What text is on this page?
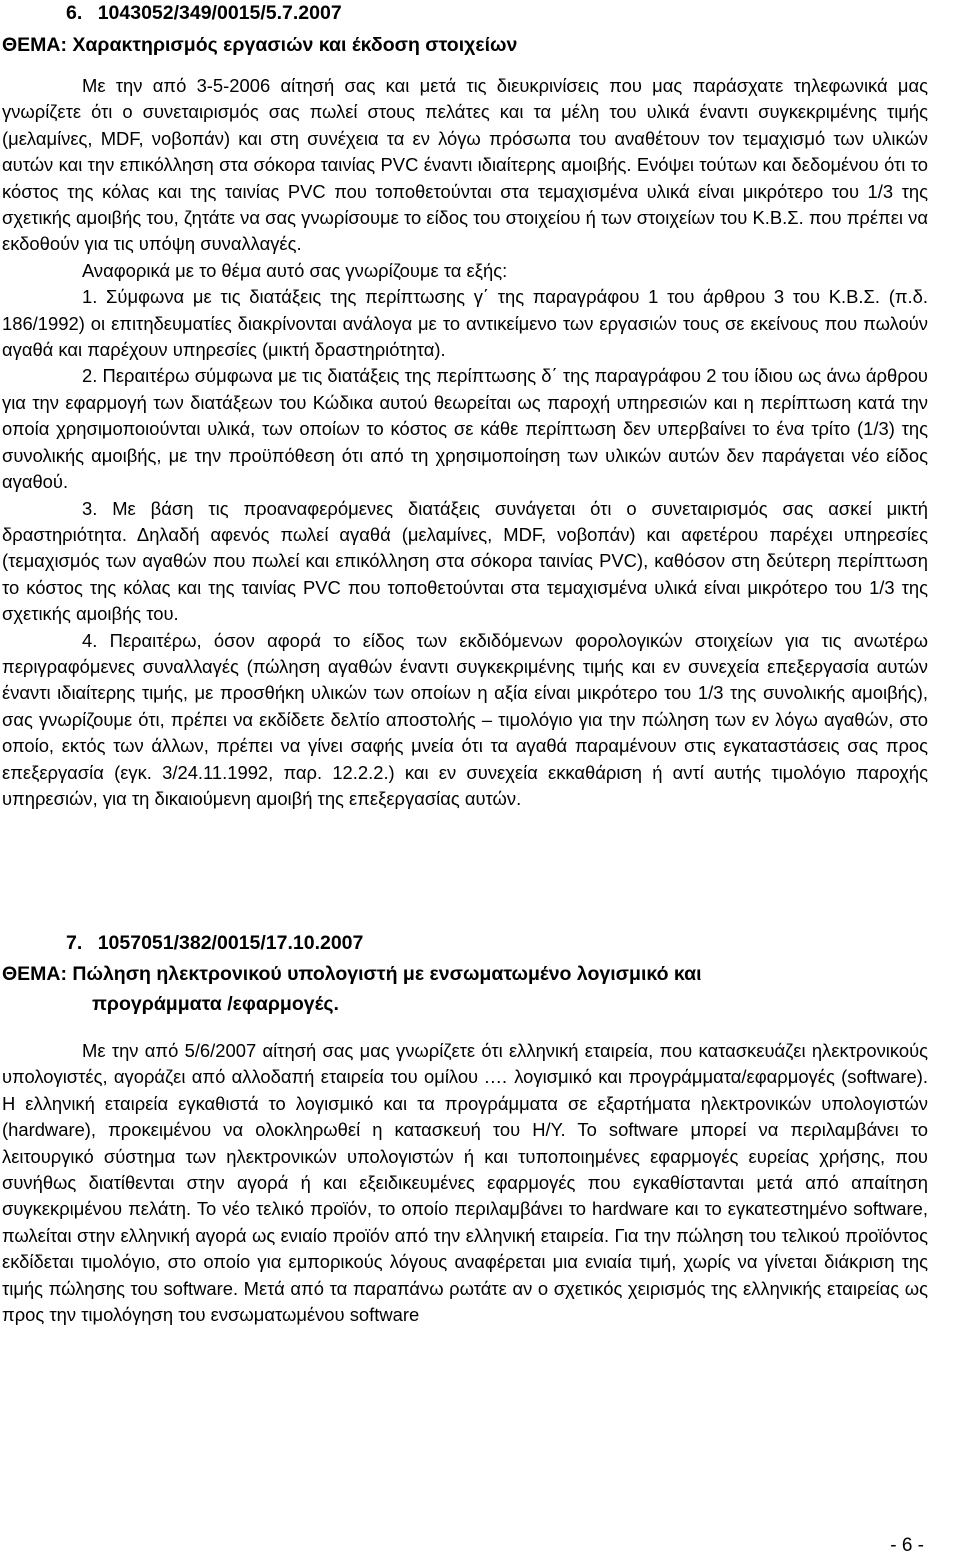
6. 1043052/349/0015/5.7.2007
ΘΕΜΑ: Χαρακτηρισμός εργασιών και έκδοση στοιχείων

Με την από 3-5-2006 αίτησή σας και μετά τις διευκρινίσεις που μας παράσχατε τηλεφωνικά μας γνωρίζετε ότι ο συνεταιρισμός σας πωλεί στους πελάτες και τα μέλη του υλικά έναντι συγκεκριμένης τιμής (μελαμίνες, MDF, νοβοπάν) και στη συνέχεια τα εν λόγω πρόσωπα του αναθέτουν τον τεμαχισμό των υλικών αυτών και την επικόλληση στα σόκορα ταινίας PVC έναντι ιδιαίτερης αμοιβής. Ενόψει τούτων και δεδομένου ότι το κόστος της κόλας και της ταινίας PVC που τοποθετούνται στα τεμαχισμένα υλικά είναι μικρότερο του 1/3 της σχετικής αμοιβής του, ζητάτε να σας γνωρίσουμε το είδος του στοιχείου ή των στοιχείων του Κ.Β.Σ. που πρέπει να εκδοθούν για τις υπόψη συναλλαγές.

Αναφορικά με το θέμα αυτό σας γνωρίζουμε τα εξής:

1. Σύμφωνα με τις διατάξεις της περίπτωσης γ΄ της παραγράφου 1 του άρθρου 3 του Κ.Β.Σ. (π.δ. 186/1992) οι επιτηδευματίες διακρίνονται ανάλογα με το αντικείμενο των εργασιών τους σε εκείνους που πωλούν αγαθά και παρέχουν υπηρεσίες (μικτή δραστηριότητα).

2. Περαιτέρω σύμφωνα με τις διατάξεις της περίπτωσης δ΄ της παραγράφου 2 του ίδιου ως άνω άρθρου για την εφαρμογή των διατάξεων του Κώδικα αυτού θεωρείται ως παροχή υπηρεσιών και η περίπτωση κατά την οποία χρησιμοποιούνται υλικά, των οποίων το κόστος σε κάθε περίπτωση δεν υπερβαίνει το ένα τρίτο (1/3) της συνολικής αμοιβής, με την προϋπόθεση ότι από τη χρησιμοποίηση των υλικών αυτών δεν παράγεται νέο είδος αγαθού.

3. Με βάση τις προαναφερόμενες διατάξεις συνάγεται ότι ο συνεταιρισμός σας ασκεί μικτή δραστηριότητα. Δηλαδή αφενός πωλεί αγαθά (μελαμίνες, MDF, νοβοπάν) και αφετέρου παρέχει υπηρεσίες (τεμαχισμός των αγαθών που πωλεί και επικόλληση στα σόκορα ταινίας PVC), καθόσον στη δεύτερη περίπτωση το κόστος της κόλας και της ταινίας PVC που τοποθετούνται στα τεμαχισμένα υλικά είναι μικρότερο του 1/3 της σχετικής αμοιβής του.

4. Περαιτέρω, όσον αφορά το είδος των εκδιδόμενων φορολογικών στοιχείων για τις ανωτέρω περιγραφόμενες συναλλαγές (πώληση αγαθών έναντι συγκεκριμένης τιμής και εν συνεχεία επεξεργασία αυτών έναντι ιδιαίτερης τιμής, με προσθήκη υλικών των οποίων η αξία είναι μικρότερο του 1/3 της συνολικής αμοιβής), σας γνωρίζουμε ότι, πρέπει να εκδίδετε δελτίο αποστολής – τιμολόγιο για την πώληση των εν λόγω αγαθών, στο οποίο, εκτός των άλλων, πρέπει να γίνει σαφής μνεία ότι τα αγαθά παραμένουν στις εγκαταστάσεις σας προς επεξεργασία (εγκ. 3/24.11.1992, παρ. 12.2.2.) και εν συνεχεία εκκαθάριση ή αντί αυτής τιμολόγιο παροχής υπηρεσιών, για τη δικαιούμενη αμοιβή της επεξεργασίας αυτών.

7. 1057051/382/0015/17.10.2007
ΘΕΜΑ: Πώληση ηλεκτρονικού υπολογιστή με ενσωματωμένο λογισμικό και
προγράμματα /εφαρμογές.

Με την από 5/6/2007 αίτησή σας μας γνωρίζετε ότι ελληνική εταιρεία, που κατασκευάζει ηλεκτρονικούς υπολογιστές, αγοράζει από αλλοδαπή εταιρεία του ομίλου .… λογισμικό και προγράμματα/εφαρμογές (software). Η ελληνική εταιρεία εγκαθιστά το λογισμικό και τα προγράμματα σε εξαρτήματα ηλεκτρονικών υπολογιστών (hardware), προκειμένου να ολοκληρωθεί η κατασκευή του Η/Υ. Το software μπορεί να περιλαμβάνει το λειτουργικό σύστημα των ηλεκτρονικών υπολογιστών ή και τυποποιημένες εφαρμογές ευρείας χρήσης, που συνήθως διατίθενται στην αγορά ή και εξειδικευμένες εφαρμογές που εγκαθίστανται μετά από απαίτηση συγκεκριμένου πελάτη. Το νέο τελικό προϊόν, το οποίο περιλαμβάνει το hardware και το εγκατεστημένο software, πωλείται στην ελληνική αγορά ως ενιαίο προϊόν από την ελληνική εταιρεία. Για την πώληση του τελικού προϊόντος εκδίδεται τιμολόγιο, στο οποίο για εμπορικούς λόγους αναφέρεται μια ενιαία τιμή, χωρίς να γίνεται διάκριση της τιμής πώλησης του software. Μετά από τα παραπάνω ρωτάτε αν ο σχετικός χειρισμός της ελληνικής εταιρείας ως προς την τιμολόγηση του ενσωματωμένου software

- 6 -
